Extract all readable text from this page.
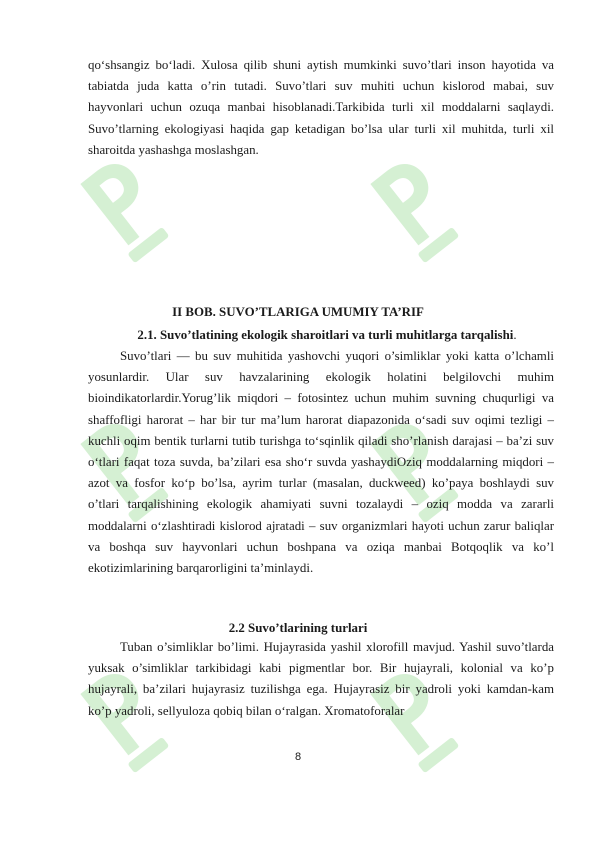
qo‘shsangiz bo‘ladi. Xulosa qilib shuni aytish mumkinki suvo’tlari inson hayotida va tabiatda juda katta o’rin tutadi. Suvo’tlari suv muhiti uchun kislorod mabai, suv hayvonlari uchun ozuqa manbai hisoblanadi.Tarkibida turli xil moddalarni saqlaydi. Suvo’tlarning ekologiyasi haqida gap ketadigan bo’lsa ular turli xil muhitda, turli xil sharoitda yashashga moslashgan.

II BOB. SUVO’TLARIGA UMUMIY TA’RIF

2.1. Suvo’tlatining ekologik sharoitlari va turli muhitlarga tarqalishi.

Suvo’tlari — bu suv muhitida yashovchi yuqori o’simliklar yoki katta o’lchamli yosunlardir. Ular suv havzalarining ekologik holatini belgilovchi muhim bioindikatorlardir.Yorug’lik miqdori – fotosintez uchun muhim suvning chuqurligi va shaffofligi harorat – har bir tur ma’lum harorat diapazonida o‘sadi suv oqimi tezligi – kuchli oqim bentik turlarni tutib turishga to‘sqinlik qiladi sho’rlanish darajasi – ba’zi suv o‘tlari faqat toza suvda, ba’zilari esa sho‘r suvda yashaydiOziq moddalarning miqdori – azot va fosfor ko‘p bo’lsa, ayrim turlar (masalan, duckweed) ko’paya boshlaydi suv o’tlari tarqalishining ekologik ahamiyati suvni tozalaydi – oziq modda va zararli moddalarni o‘zlashtiradi kislorod ajratadi – suv organizmlari hayoti uchun zarur baliqlar va boshqa suv hayvonlari uchun boshpana va oziqa manbai Botqoqlik va ko’l ekotizimlarining barqarorligini ta’minlaydi.

2.2 Suvo’tlarining turlari

Tuban o’simliklar bo’limi. Hujayrasida yashil xlorofill mavjud. Yashil suvo’tlarda yuksak o’simliklar tarkibidagi kabi pigmentlar bor. Bir hujayrali, kolonial va ko’p hujayrali, ba’zilari hujayrasiz tuzilishga ega. Hujayrasiz bir yadroli yoki kamdan-kam ko’p yadroli, sellyuloza qobiq bilan o‘ralgan. Xromatoforalar

8
